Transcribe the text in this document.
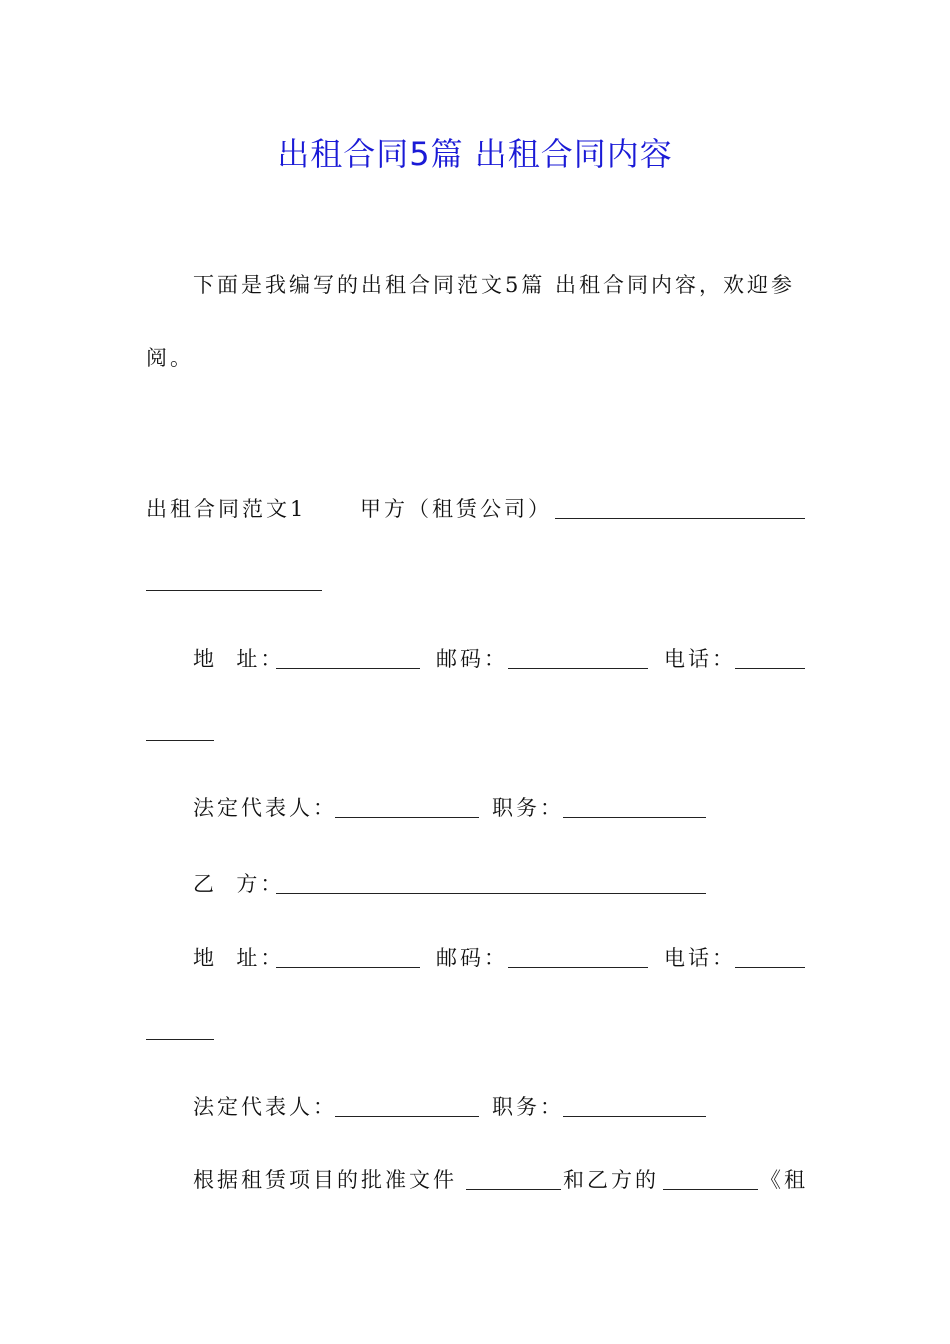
出租合同5篇 出租合同内容
下面是我编写的出租合同范文5篇 出租合同内容，欢迎参
阅。
出租合同范文1	甲方（租赁公司）
地  址：	邮码：	电话：
法定代表人：	职务：
乙  方：
地  址：	邮码：	电话：
法定代表人：	职务：
根据租赁项目的批准文件	和乙方的	《租
